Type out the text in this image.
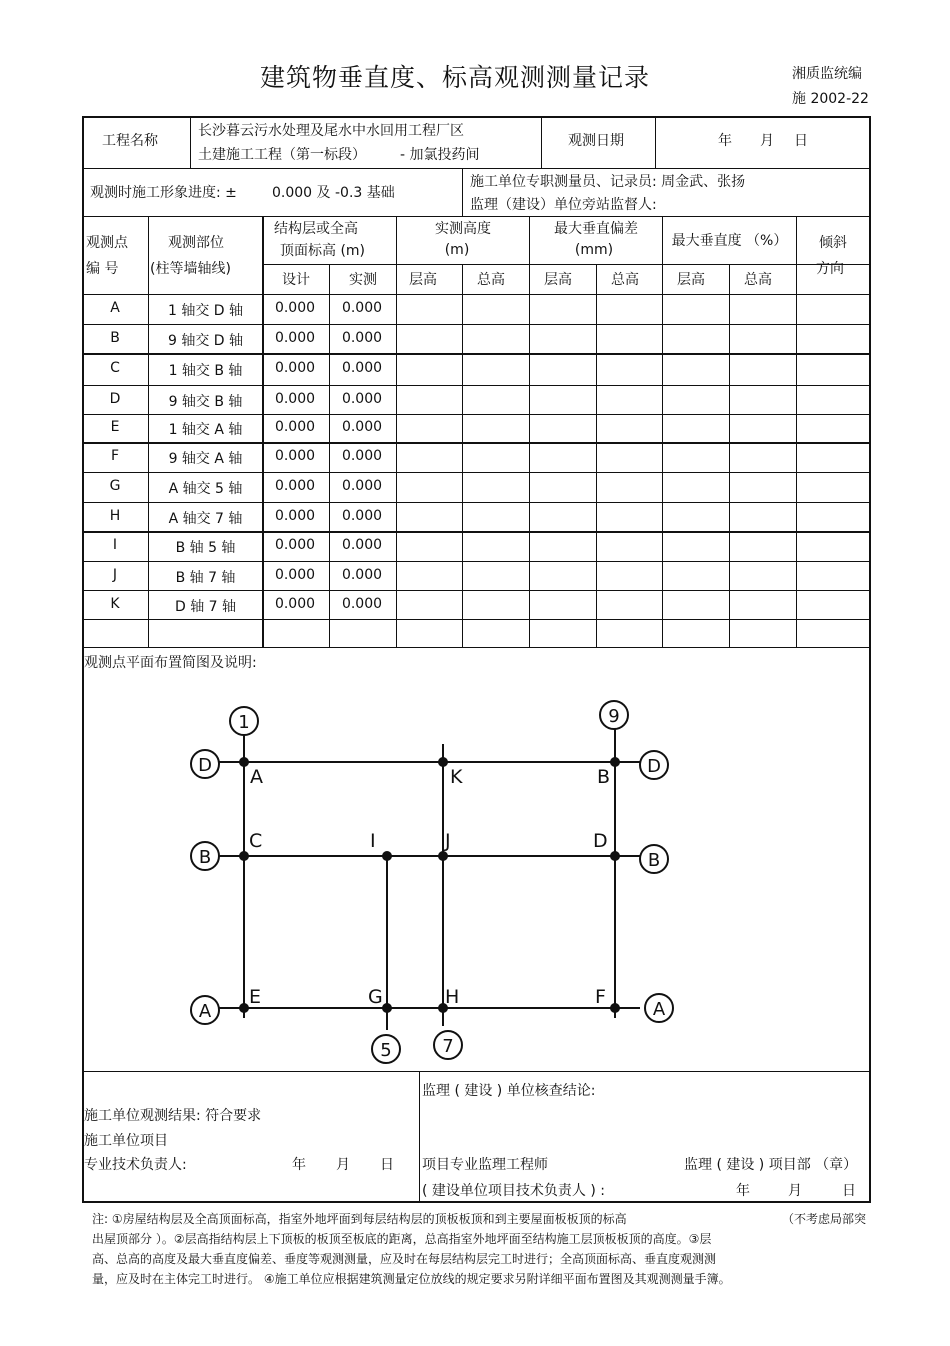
建筑物垂直度、标高观测测量记录	湘质监统编
施 2002-22
工程名称
长沙暮云污水处理及尾水中水回用工程厂区
土建施工工程（第一标段） - 加氯投药间
观测日期	年 月 日
观测时施工形象进度: ±	0.000 及 -0.3 基础
施工单位专职测量员、记录员: 周金武、张扬
监理（建设）单位旁站监督人:
观测点
编 号
观测部位
(柱等墙轴线)
结构层或全高
顶面标高 (m)
设计	实测
实测高度
(m)
最大垂直偏差
(mm)
最大垂直度 （%）	倾斜
方向
层高	总高	层高	总高	层高	总高
A	1 轴交 D 轴	0.000	0.000
B	9 轴交 D 轴	0.000	0.000
C	1 轴交 B 轴	0.000	0.000
D	9 轴交 B 轴	0.000	0.000
E	1 轴交 A 轴	0.000	0.000
F	9 轴交 A 轴	0.000	0.000
G	A 轴交 5 轴	0.000	0.000
H	A 轴交 7 轴	0.000	0.000
I	B 轴 5 轴	0.000	0.000
J	B 轴 7 轴	0.000	0.000
K	D 轴 7 轴	0.000	0.000
观测点平面布置简图及说明:
1	9
5	7
D	D
B	B
A	A
A	K	B
C	I	J	D
E	G	H	F
施工单位观测结果: 符合要求
施工单位项目
专业技术负责人:	年 月 日
监理 ( 建设 ) 单位核查结论:
项目专业监理工程师	监理 ( 建设 ) 项目部 （章）
( 建设单位项目技术负责人 ) :	年	月	日
注: ①房屋结构层及全高顶面标高，指室外地坪面到每层结构层的顶板板顶和到主要屋面板板顶的标高	（不考虑局部突
出屋顶部分 ）。②层高指结构层上下顶板的板顶至板底的距离，总高指室外地坪面至结构施工层顶板板顶的高度。③层
高、总高的高度及最大垂直度偏差、垂度等观测测量，应及时在每层结构层完工时进行；全高顶面标高、垂直度观测测
量，应及时在主体完工时进行。 ④施工单位应根据建筑测量定位放线的规定要求另附详细平面布置图及其观测测量手簿。
